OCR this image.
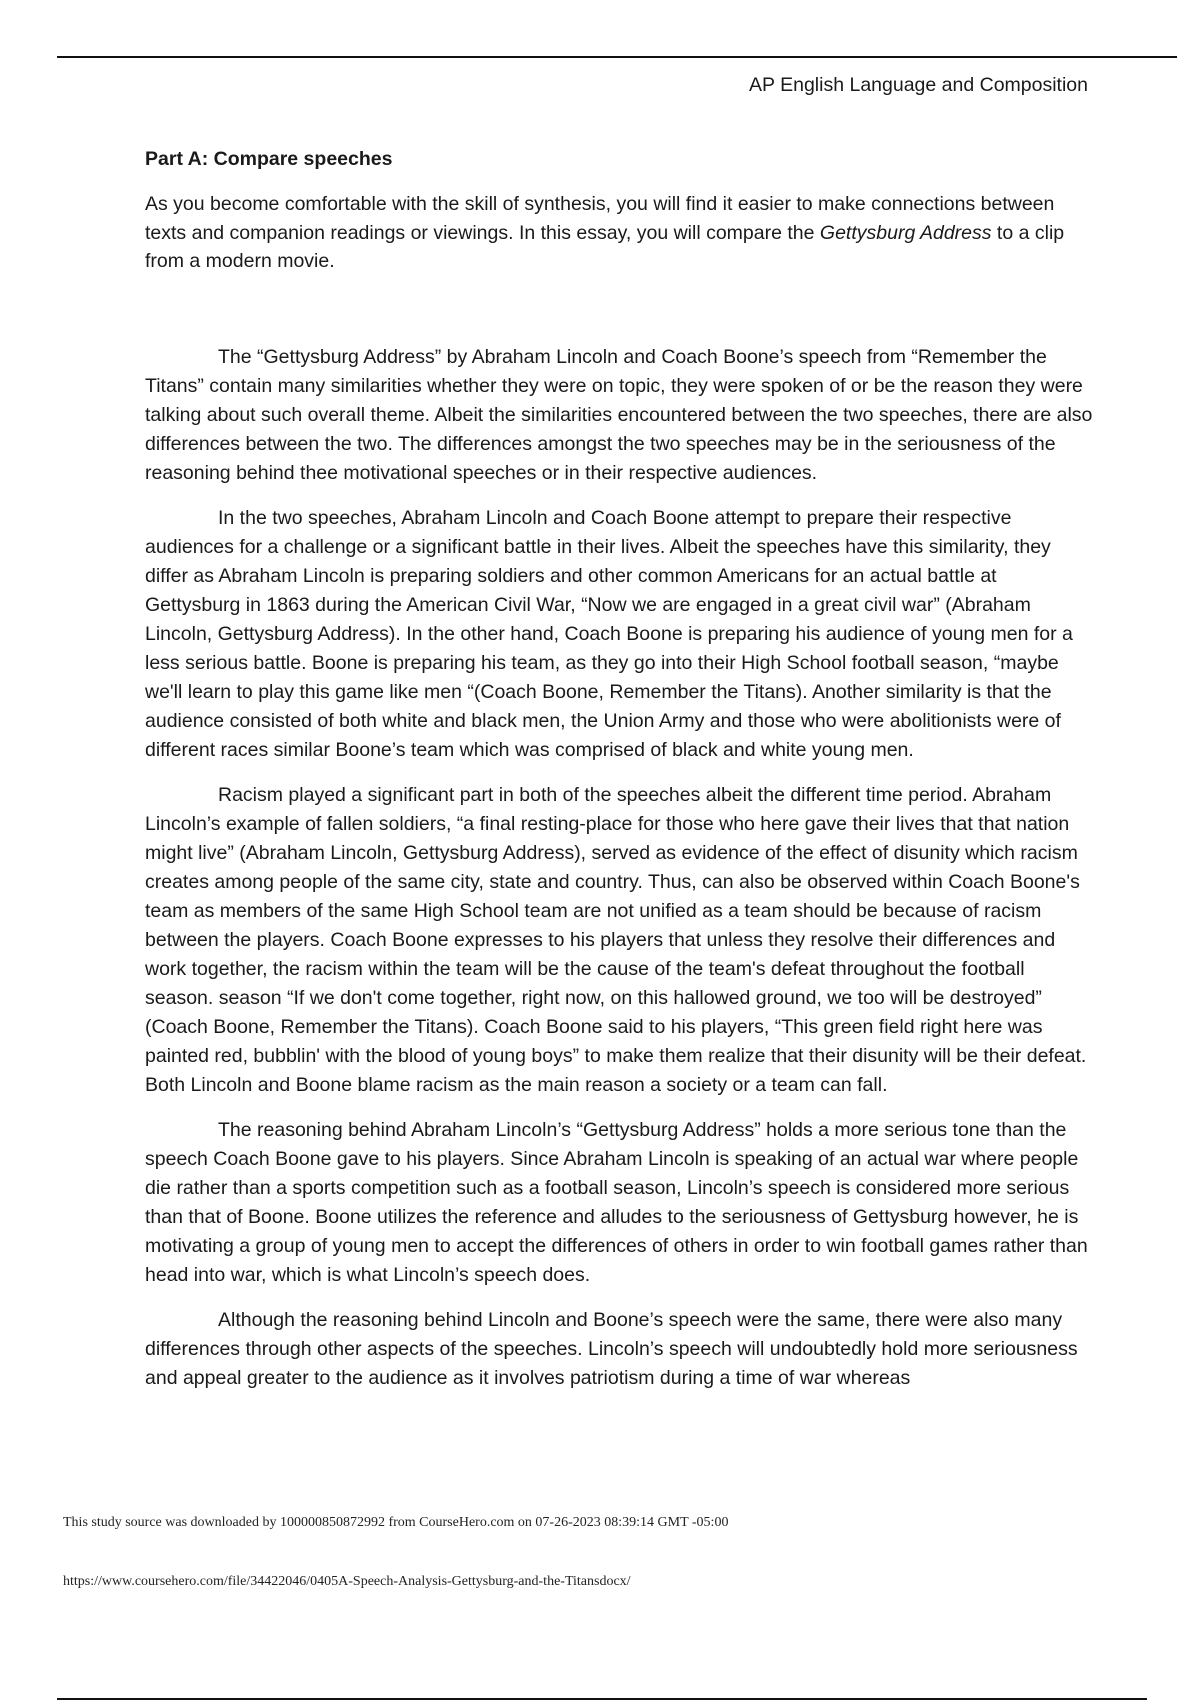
AP English Language and Composition
Part A: Compare speeches

As you become comfortable with the skill of synthesis, you will find it easier to make connections between texts and companion readings or viewings. In this essay, you will compare the Gettysburg Address to a clip from a modern movie.

The “Gettysburg Address” by Abraham Lincoln and Coach Boone’s speech from “Remember the Titans” contain many similarities whether they were on topic, they were spoken of or be the reason they were talking about such overall theme. Albeit the similarities encountered between the two speeches, there are also differences between the two. The differences amongst the two speeches may be in the seriousness of the reasoning behind thee motivational speeches or in their respective audiences.

In the two speeches, Abraham Lincoln and Coach Boone attempt to prepare their respective audiences for a challenge or a significant battle in their lives. Albeit the speeches have this similarity, they differ as Abraham Lincoln is preparing soldiers and other common Americans for an actual battle at Gettysburg in 1863 during the American Civil War, “Now we are engaged in a great civil war” (Abraham Lincoln, Gettysburg Address). In the other hand, Coach Boone is preparing his audience of young men for a less serious battle. Boone is preparing his team, as they go into their High School football season, “maybe we'll learn to play this game like men “(Coach Boone, Remember the Titans). Another similarity is that the audience consisted of both white and black men, the Union Army and those who were abolitionists were of different races similar Boone’s team which was comprised of black and white young men.

Racism played a significant part in both of the speeches albeit the different time period. Abraham Lincoln’s example of fallen soldiers, “a final resting-place for those who here gave their lives that that nation might live” (Abraham Lincoln, Gettysburg Address), served as evidence of the effect of disunity which racism creates among people of the same city, state and country. Thus, can also be observed within Coach Boone's team as members of the same High School team are not unified as a team should be because of racism between the players. Coach Boone expresses to his players that unless they resolve their differences and work together, the racism within the team will be the cause of the team's defeat throughout the football season. season “If we don't come together, right now, on this hallowed ground, we too will be destroyed” (Coach Boone, Remember the Titans). Coach Boone said to his players, “This green field right here was painted red, bubblin' with the blood of young boys” to make them realize that their disunity will be their defeat. Both Lincoln and Boone blame racism as the main reason a society or a team can fall.

The reasoning behind Abraham Lincoln’s “Gettysburg Address” holds a more serious tone than the speech Coach Boone gave to his players. Since Abraham Lincoln is speaking of an actual war where people die rather than a sports competition such as a football season, Lincoln’s speech is considered more serious than that of Boone. Boone utilizes the reference and alludes to the seriousness of Gettysburg however, he is motivating a group of young men to accept the differences of others in order to win football games rather than head into war, which is what Lincoln’s speech does.

Although the reasoning behind Lincoln and Boone’s speech were the same, there were also many differences through other aspects of the speeches. Lincoln’s speech will undoubtedly hold more seriousness and appeal greater to the audience as it involves patriotism during a time of war whereas

This study source was downloaded by 100000850872992 from CourseHero.com on 07-26-2023 08:39:14 GMT -05:00
https://www.coursehero.com/file/34422046/0405A-Speech-Analysis-Gettysburg-and-the-Titansdocx/
